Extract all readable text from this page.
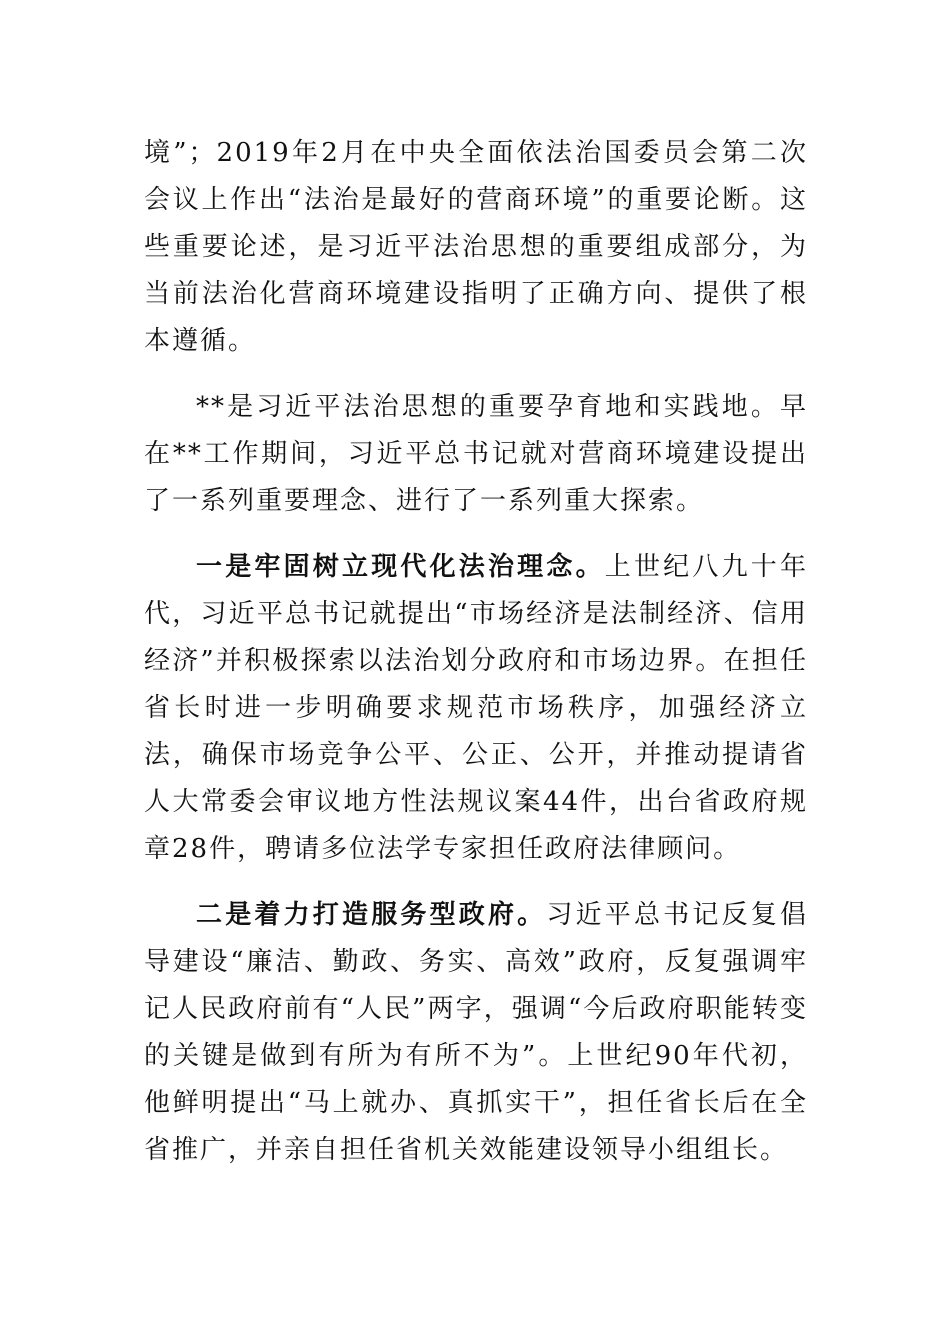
境”；2019年2月在中央全面依法治国委员会第二次会议上作出“法治是最好的营商环境”的重要论断。这些重要论述，是习近平法治思想的重要组成部分，为当前法治化营商环境建设指明了正确方向、提供了根本遵循。

**是习近平法治思想的重要孕育地和实践地。早在**工作期间，习近平总书记就对营商环境建设提出了一系列重要理念、进行了一系列重大探索。

一是牢固树立现代化法治理念。上世纪八九十年代，习近平总书记就提出“市场经济是法制经济、信用经济”并积极探索以法治划分政府和市场边界。在担任省长时进一步明确要求规范市场秩序，加强经济立法，确保市场竞争公平、公正、公开，并推动提请省人大常委会审议地方性法规议案44件，出台省政府规章28件，聘请多位法学专家担任政府法律顾问。

二是着力打造服务型政府。习近平总书记反复倡导建设“廉洁、勤政、务实、高效”政府，反复强调牢记人民政府前有“人民”两字，强调“今后政府职能转变的关键是做到有所为有所不为”。上世纪90年代初，他鲜明提出“马上就办、真抓实干”，担任省长后在全省推广，并亲自担任省机关效能建设领导小组组长。
